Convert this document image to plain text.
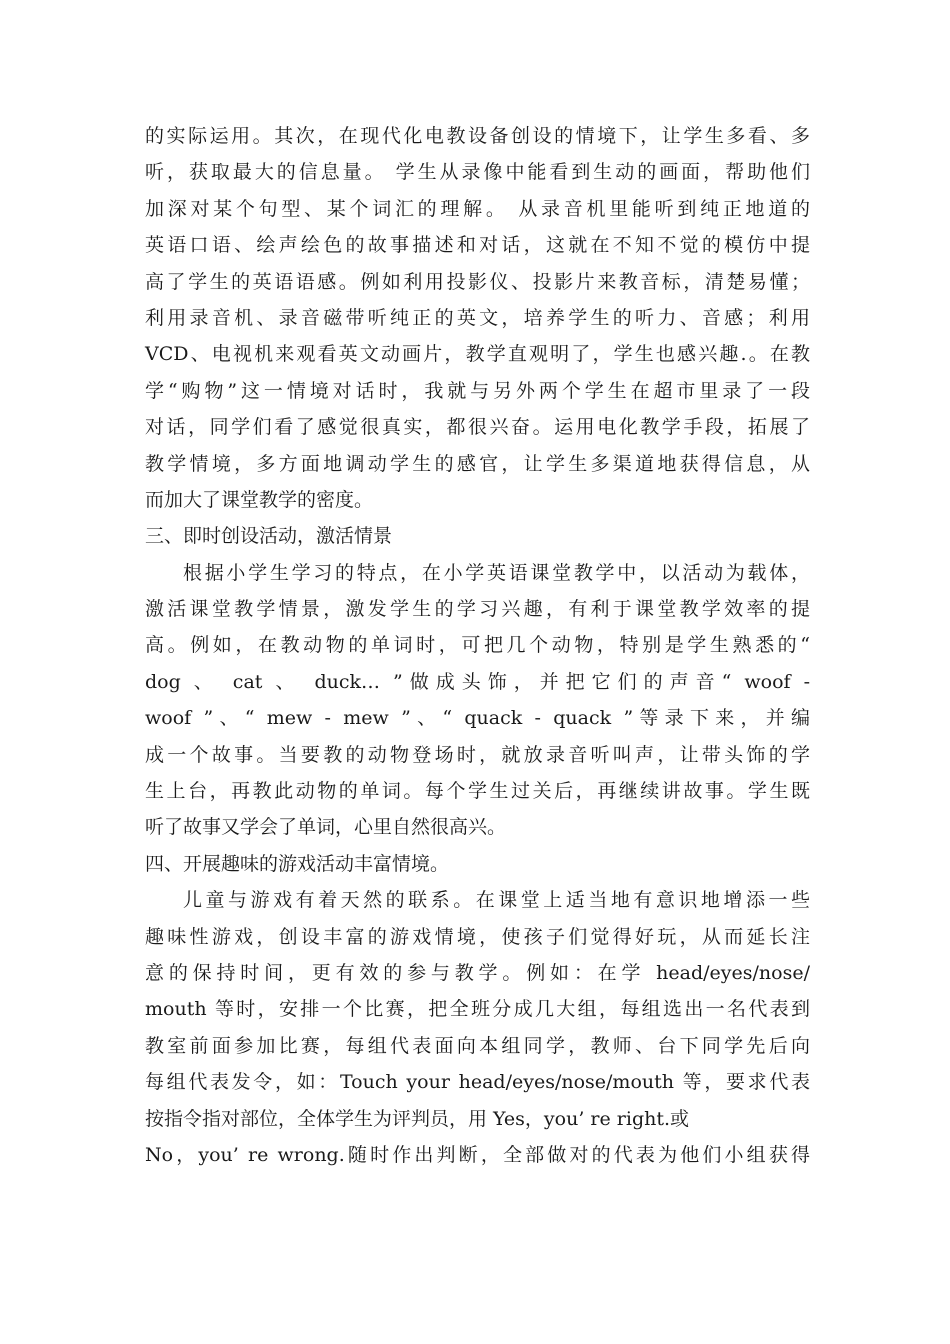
的实际运用。其次，在现代化电教设备创设的情境下，让学生多看、多
听，获取最大的信息量。 学生从录像中能看到生动的画面，帮助他们
加深对某个句型、某个词汇的理解。 从录音机里能听到纯正地道的
英语口语、绘声绘色的故事描述和对话，这就在不知不觉的模仿中提
高了学生的英语语感。例如利用投影仪、投影片来教音标，清楚易懂；
利用录音机、录音磁带听纯正的英文，培养学生的听力、音感；利用
VCD、电视机来观看英文动画片，教学直观明了，学生也感兴趣.。在教
学“购物”这一情境对话时，我就与另外两个学生在超市里录了一段
对话，同学们看了感觉很真实，都很兴奋。运用电化教学手段，拓展了
教学情境，多方面地调动学生的感官，让学生多渠道地获得信息，从
而加大了课堂教学的密度。
三、即时创设活动，激活情景
根据小学生学习的特点，在小学英语课堂教学中，以活动为载体，
激活课堂教学情景，激发学生的学习兴趣，有利于课堂教学效率的提
高。例如，在教动物的单词时，可把几个动物，特别是学生熟悉的“
dog 、 cat 、 duck… ”做成头饰，并把它们的声音“ woof -
woof ”、“ mew - mew ”、“ quack - quack ”等录下来，并编
成一个故事。当要教的动物登场时，就放录音听叫声，让带头饰的学
生上台，再教此动物的单词。每个学生过关后，再继续讲故事。学生既
听了故事又学会了单词，心里自然很高兴。
四、开展趣味的游戏活动丰富情境。
儿童与游戏有着天然的联系。在课堂上适当地有意识地增添一些
趣味性游戏，创设丰富的游戏情境，使孩子们觉得好玩，从而延长注
意的保持时间，更有效的参与教学。例如：在学 head/eyes/nose/
mouth 等时，安排一个比赛，把全班分成几大组，每组选出一名代表到
教室前面参加比赛，每组代表面向本组同学，教师、台下同学先后向
每组代表发令，如：Touch your head/eyes/nose/mouth 等，要求代表
按指令指对部位，全体学生为评判员，用 Yes，you’ re right.或
No，you’ re wrong.随时作出判断，全部做对的代表为他们小组获得
